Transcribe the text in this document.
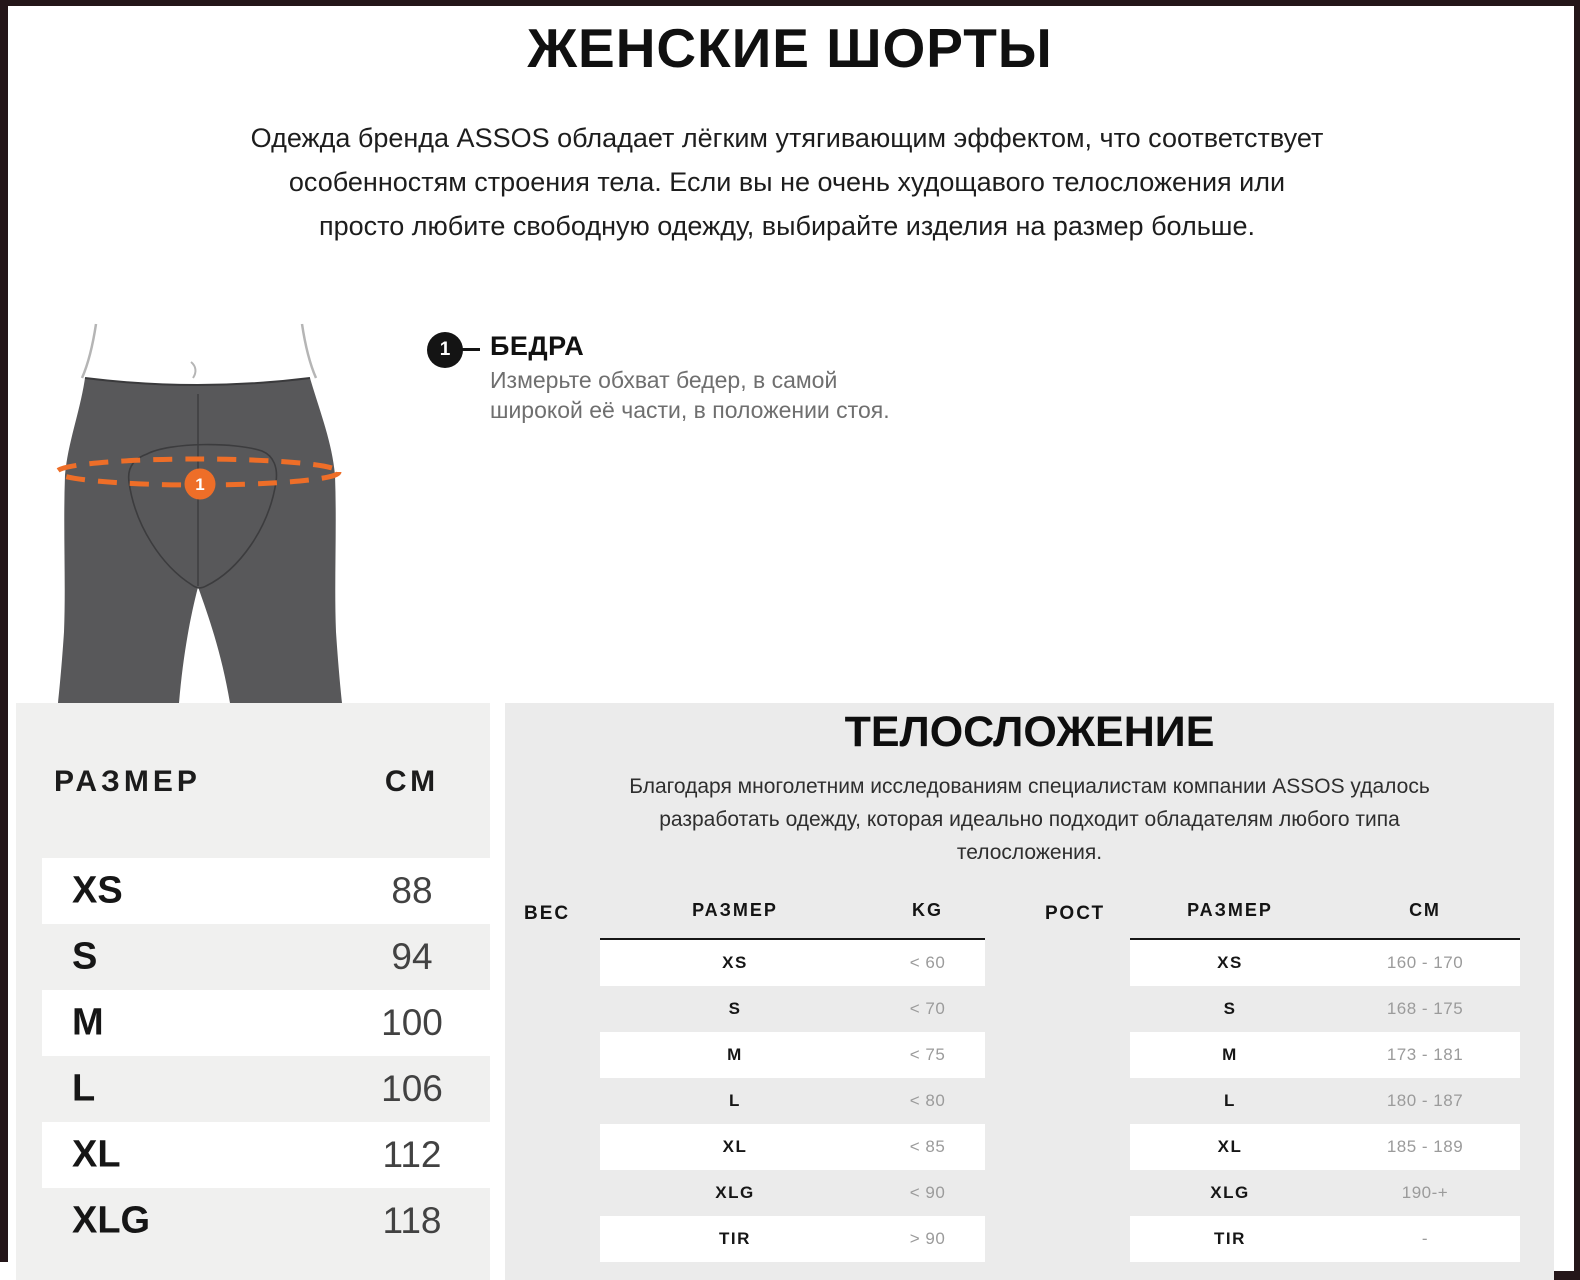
ЖЕНСКИЕ ШОРТЫ
Одежда бренда ASSOS обладает лёгким утягивающим эффектом, что соответствует
особенностям строения тела. Если вы не очень худощавого телосложения или
просто любите свободную одежду, выбирайте изделия на размер больше.
1
1	БЕДРА
Измерьте обхват бедер, в самой
широкой её части, в положении стоя.
РАЗМЕР	СМ
XS	88
S	94
M	100
L	106
XL	112
XLG	118
ТЕЛОСЛОЖЕНИЕ
Благодаря многолетним исследованиям специалистам компании ASSOS удалось
разработать одежду, которая идеально подходит обладателям любого типа
телосложения.
ВЕС	РАЗМЕР	KG
XS	< 60
S	< 70
M	< 75
L	< 80
XL	< 85
XLG	< 90
TIR	> 90
РОСТ	РАЗМЕР	СМ
XS	160 - 170
S	168 - 175
M	173 - 181
L	180 - 187
XL	185 - 189
XLG	190-+
TIR	-
